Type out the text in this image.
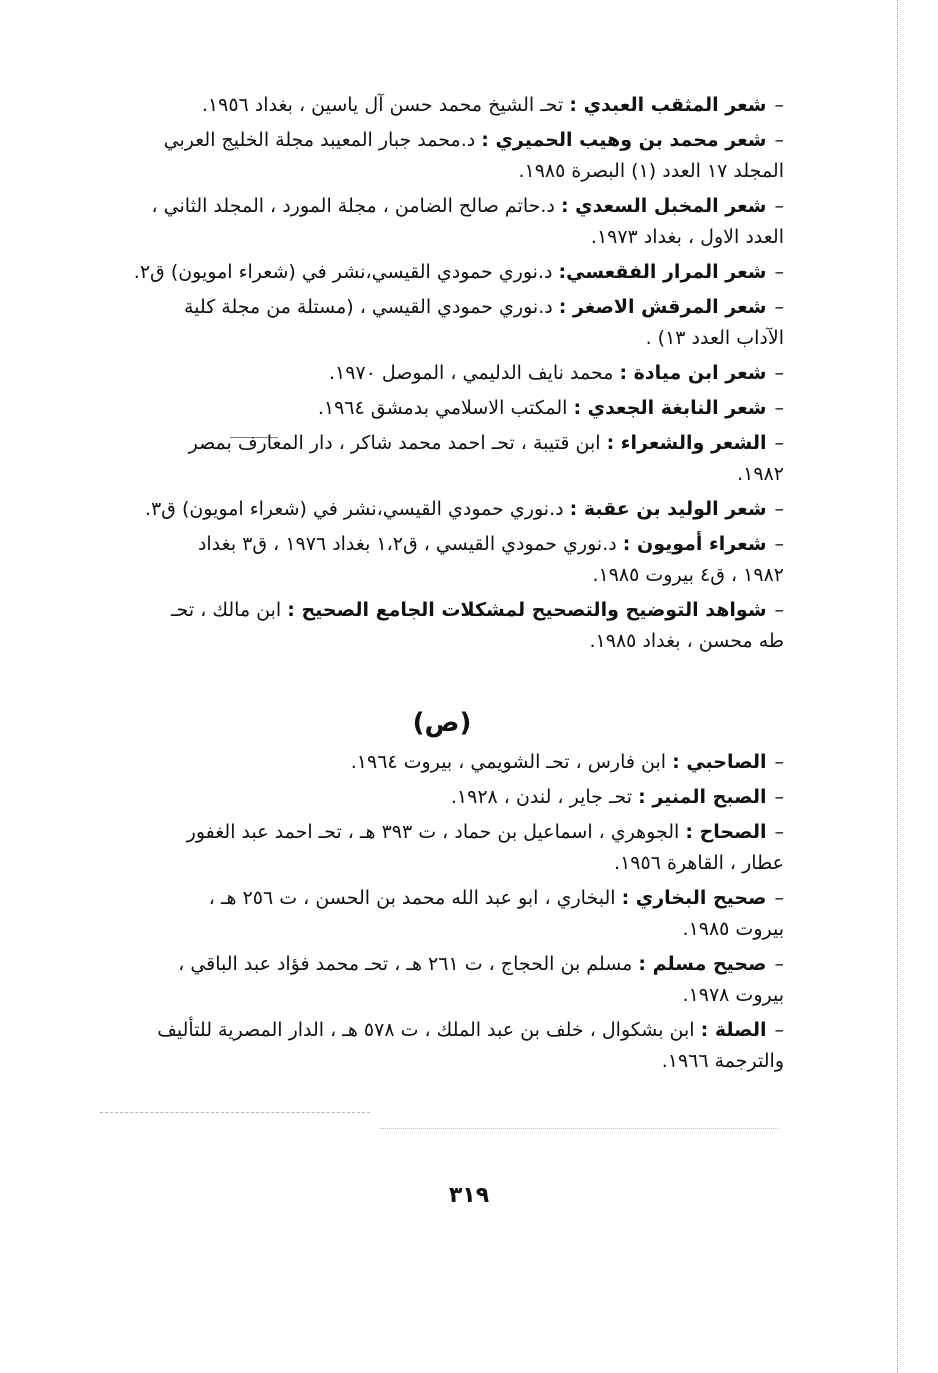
–شعر المثقب العبدي : تحـ الشيخ محمد حسن آل ياسين ، بغداد ١٩٥٦.
–شعر محمد بن وهيب الحميري : د.محمد جبار المعيبد مجلة الخليج العربي
المجلد ١٧ العدد (١) البصرة ١٩٨٥.
–شعر المخبل السعدي : د.حاتم صالح الضامن ، مجلة المورد ، المجلد الثاني ،
العدد الاول ، بغداد ١٩٧٣.
–شعر المرار الفقعسي: د.نوري حمودي القيسي،نشر في (شعراء امويون) ق٢.
–شعر المرقش الاصغر : د.نوري حمودي القيسي ، (مستلة من مجلة كلية
الآداب العدد ١٣) .
–شعر ابن ميادة : محمد نايف الدليمي ، الموصل ١٩٧٠.
–شعر النابغة الجعدي : المكتب الاسلامي بدمشق ١٩٦٤.
–الشعر والشعراء : ابن قتيبة ، تحـ احمد محمد شاكر ، دار المعارف بمصر
١٩٨٢.
–شعر الوليد بن عقبة : د.نوري حمودي القيسي،نشر في (شعراء امويون) ق٣.
–شعراء أمويون : د.نوري حمودي القيسي ، ق١،٢ بغداد ١٩٧٦ ، ق٣ بغداد
١٩٨٢ ، ق٤ بيروت ١٩٨٥.
–شواهد التوضيح والتصحيح لمشكلات الجامع الصحيح : ابن مالك ، تحـ
طه محسن ، بغداد ١٩٨٥.
(ص)
–الصاحبي : ابن فارس ، تحـ الشويمي ، بيروت ١٩٦٤.
–الصبح المنير : تحـ جاير ، لندن ، ١٩٢٨.
–الصحاح : الجوهري ، اسماعيل بن حماد ، ت ٣٩٣ هـ ، تحـ احمد عبد الغفور
عطار ، القاهرة ١٩٥٦.
–صحيح البخاري : البخاري ، ابو عبد الله محمد بن الحسن ، ت ٢٥٦ هـ ،
بيروت ١٩٨٥.
–صحيح مسلم : مسلم بن الحجاج ، ت ٢٦١ هـ ، تحـ محمد فؤاد عبد الباقي ،
بيروت ١٩٧٨.
–الصلة : ابن بشكوال ، خلف بن عبد الملك ، ت ٥٧٨ هـ ، الدار المصرية للتأليف
والترجمة ١٩٦٦.
٣١٩
